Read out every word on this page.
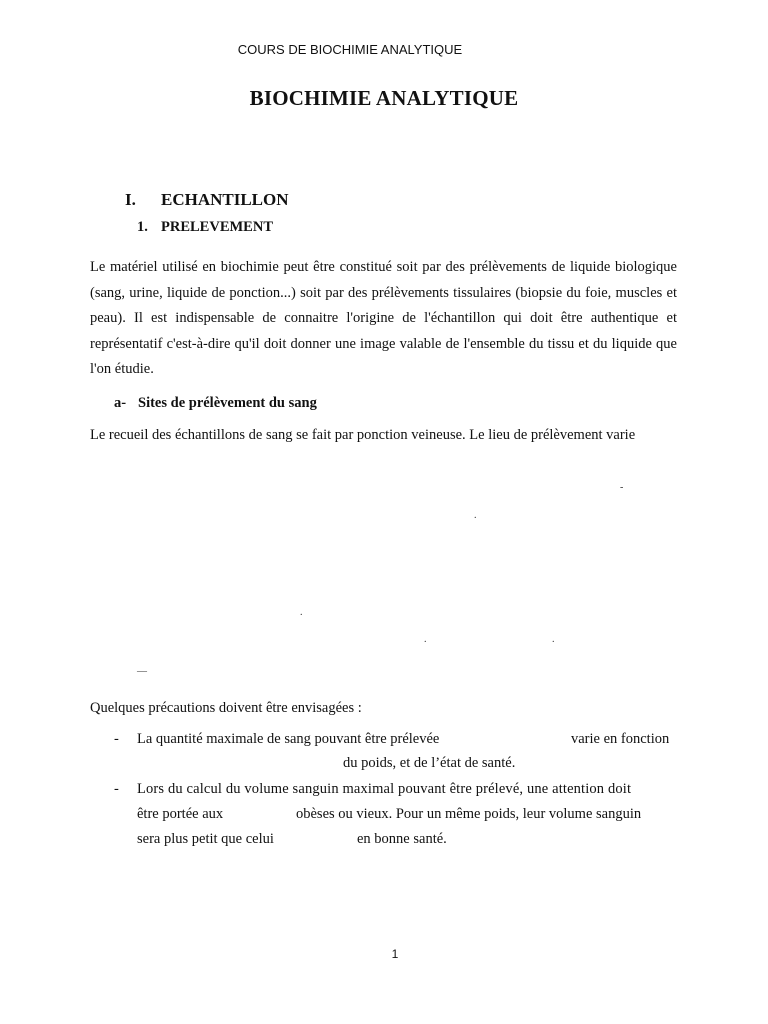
COURS DE BIOCHIMIE ANALYTIQUE
BIOCHIMIE ANALYTIQUE
I. ECHANTILLON
1. PRELEVEMENT
Le matériel utilisé en biochimie peut être constitué soit par des prélèvements de liquide biologique (sang, urine, liquide de ponction...) soit par des prélèvements tissulaires (biopsie du foie, muscles et peau). Il est indispensable de connaitre l'origine de l'échantillon qui doit être authentique et représentatif c'est-à-dire qu'il doit donner une image valable de l'ensemble du tissu et du liquide que l'on étudie.
a- Sites de prélèvement du sang
Le recueil des échantillons de sang se fait par ponction veineuse. Le lieu de prélèvement varie
-
.
.
.	.
—
Quelques précautions doivent être envisagées :
- La quantité maximale de sang pouvant être prélevée	varie en fonction
du poids, et de l’état de santé.
- Lors du calcul du volume sanguin maximal pouvant être prélevé, une attention doit
être portée aux	obèses ou vieux. Pour un même poids, leur volume sanguin
sera plus petit que celui	en bonne santé.
1
